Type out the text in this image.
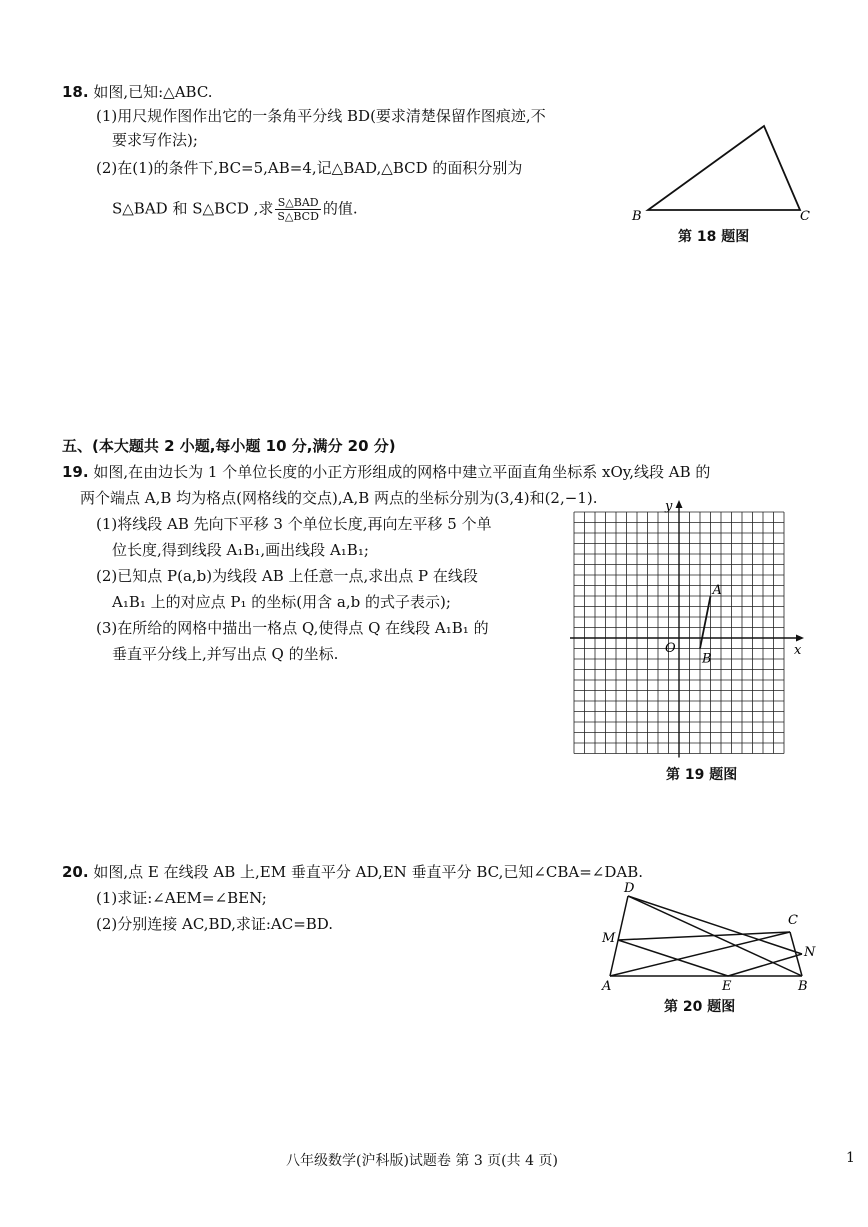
18. 如图,已知:△ABC.
(1)用尺规作图作出它的一条角平分线 BD(要求清楚保留作图痕迹,不
要求写作法);
(2)在(1)的条件下,BC=5,AB=4,记△BAD,△BCD 的面积分别为
S△BAD 和 S△BCD ,求 $\frac{\text{S△BAD}}{\text{S△BCD}}$ 的值.	B	C
第 18 题图
五、(本大题共 2 小题,每小题 10 分,满分 20 分)
19. 如图,在由边长为 1 个单位长度的小正方形组成的网格中建立平面直角坐标系 xOy,线段 AB 的
两个端点 A,B 均为格点(网格线的交点),A,B 两点的坐标分别为(3,4)和(2,−1).
(1)将线段 AB 先向下平移 3 个单位长度,再向左平移 5 个单
位长度,得到线段 A₁B₁,画出线段 A₁B₁;
(2)已知点 P(a,b)为线段 AB 上任意一点,求出点 P 在线段
A₁B₁ 上的对应点 P₁ 的坐标(用含 a,b 的式子表示);
(3)在所给的网格中描出一格点 Q,使得点 Q 在线段 A₁B₁ 的
垂直平分线上,并写出点 Q 的坐标.	x
y
O
A
B
第 19 题图
20. 如图,点 E 在线段 AB 上,EM 垂直平分 AD,EN 垂直平分 BC,已知∠CBA=∠DAB.
(1)求证:∠AEM=∠BEN;
(2)分别连接 AC,BD,求证:AC=BD.
D
C
M
N
A	E	B
第 20 题图
八年级数学(沪科版)试题卷 第 3 页(共 4 页)	1
